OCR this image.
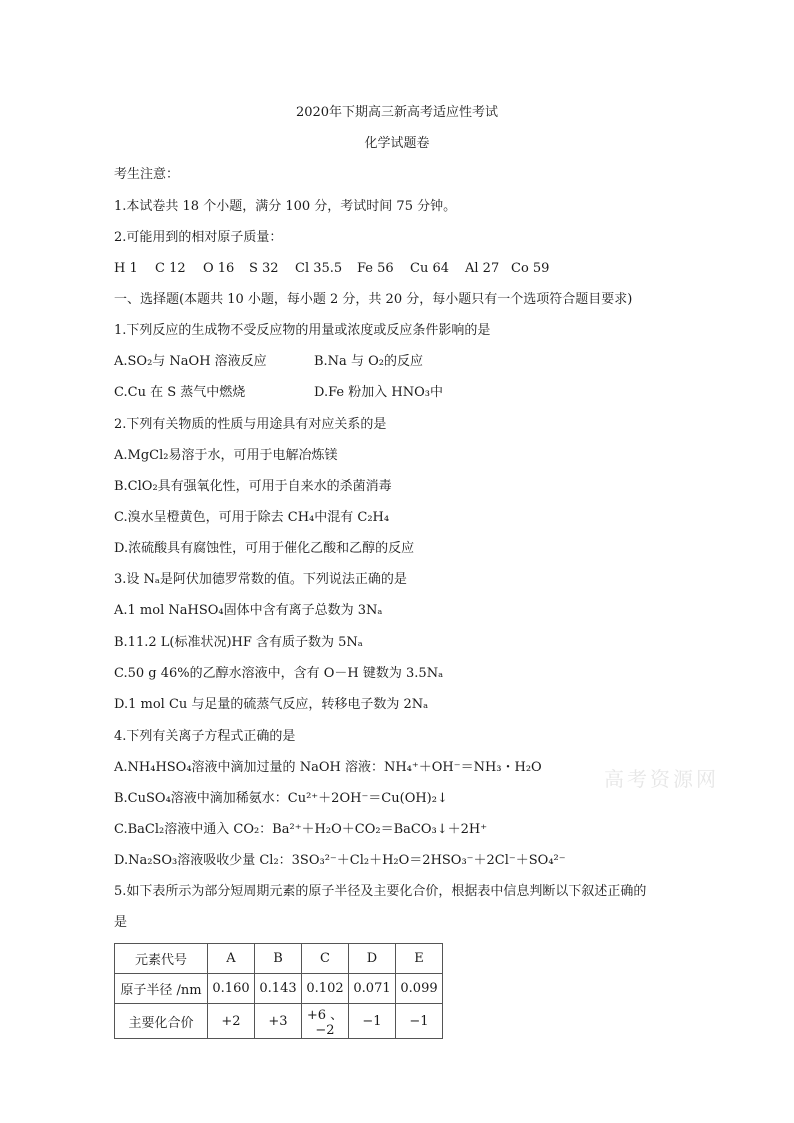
2020年下期高三新高考适应性考试
化学试题卷
考生注意：
1.本试卷共 18 个小题，满分 100 分，考试时间 75 分钟。
2.可能用到的相对原子质量：
H 1	C 12	O 16	S 32	Cl 35.5	Fe 56	Cu 64	Al 27 Co 59
一、选择题(本题共 10 小题，每小题 2 分，共 20 分，每小题只有一个选项符合题目要求)
1.下列反应的生成物不受反应物的用量或浓度或反应条件影响的是
A.SO₂与 NaOH 溶液反应	B.Na 与 O₂的反应
C.Cu 在 S 蒸气中燃烧	D.Fe 粉加入 HNO₃中
2.下列有关物质的性质与用途具有对应关系的是
A.MgCl₂易溶于水，可用于电解冶炼镁
B.ClO₂具有强氧化性，可用于自来水的杀菌消毒
C.溴水呈橙黄色，可用于除去 CH₄中混有 C₂H₄
D.浓硫酸具有腐蚀性，可用于催化乙酸和乙醇的反应
3.设 Nₐ是阿伏加德罗常数的值。下列说法正确的是
A.1 mol NaHSO₄固体中含有离子总数为 3Nₐ
B.11.2 L(标准状况)HF 含有质子数为 5Nₐ
C.50 g 46%的乙醇水溶液中，含有 O－H 键数为 3.5Nₐ
D.1 mol Cu 与足量的硫蒸气反应，转移电子数为 2Nₐ
4.下列有关离子方程式正确的是
A.NH₄HSO₄溶液中滴加过量的 NaOH 溶液：NH₄⁺＋OH⁻＝NH₃・H₂O
B.CuSO₄溶液中滴加稀氨水：Cu²⁺＋2OH⁻＝Cu(OH)₂↓
C.BaCl₂溶液中通入 CO₂：Ba²⁺＋H₂O＋CO₂＝BaCO₃↓＋2H⁺
D.Na₂SO₃溶液吸收少量 Cl₂：3SO₃²⁻＋Cl₂＋H₂O＝2HSO₃⁻＋2Cl⁻＋SO₄²⁻
5.如下表所示为部分短周期元素的原子半径及主要化合价，根据表中信息判断以下叙述正确的
是
元素代号	A	B	C	D	E
原子半径 /nm	0.160	0.143	0.102	0.071	0.099
主要化合价	+2	+3	+6 、−2	−1	−1
高考资源网
